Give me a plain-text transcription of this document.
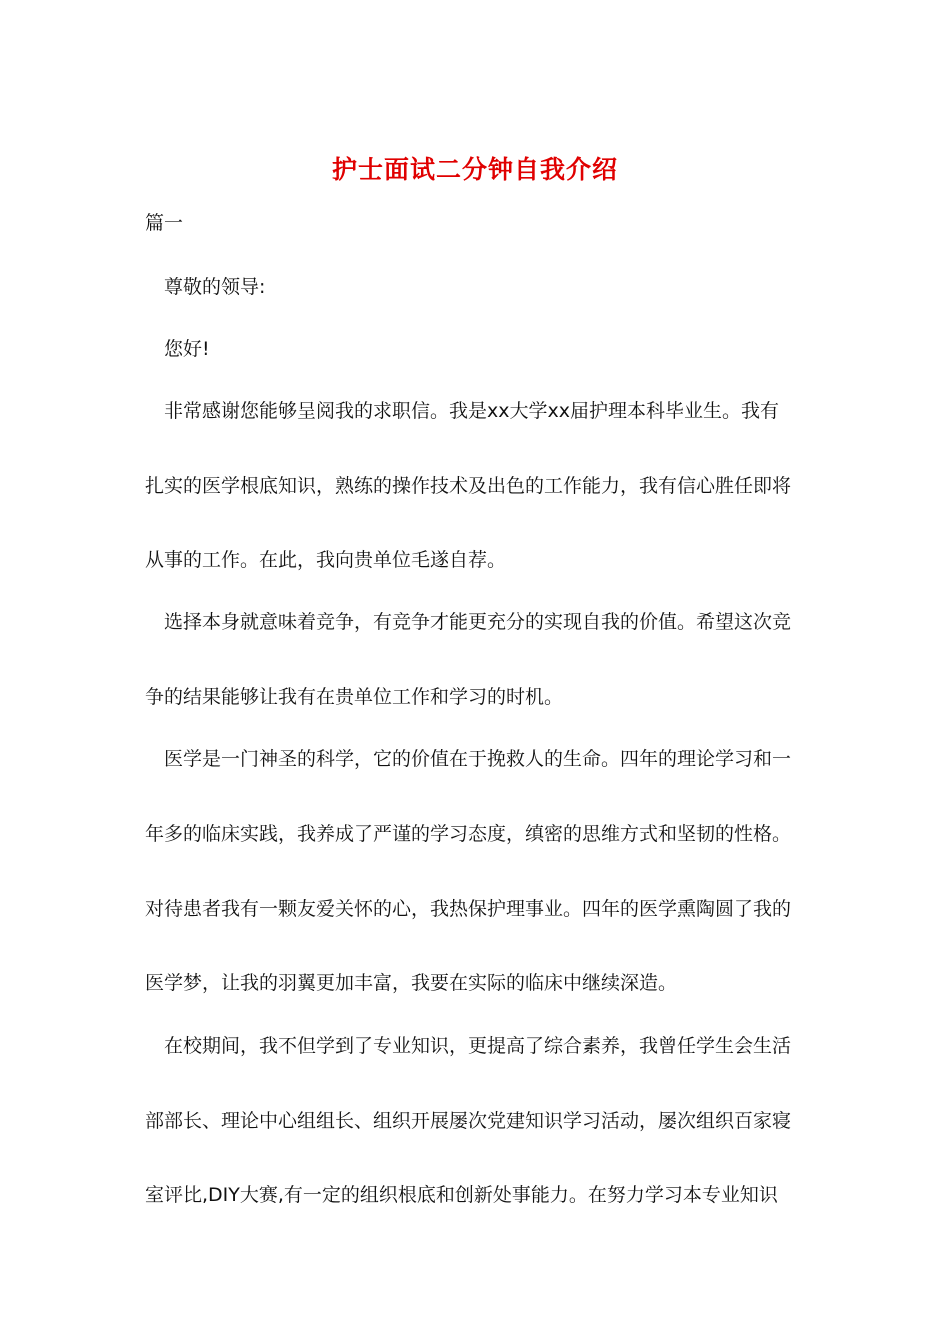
护士面试二分钟自我介绍
篇一
尊敬的领导:
您好!
非常感谢您能够呈阅我的求职信。我是xx大学xx届护理本科毕业生。我有
扎实的医学根底知识，熟练的操作技术及出色的工作能力，我有信心胜任即将
从事的工作。在此，我向贵单位毛遂自荐。
选择本身就意味着竞争，有竞争才能更充分的实现自我的价值。希望这次竞
争的结果能够让我有在贵单位工作和学习的时机。
医学是一门神圣的科学，它的价值在于挽救人的生命。四年的理论学习和一
年多的临床实践，我养成了严谨的学习态度，缜密的思维方式和坚韧的性格。
对待患者我有一颗友爱关怀的心，我热保护理事业。四年的医学熏陶圆了我的
医学梦，让我的羽翼更加丰富，我要在实际的临床中继续深造。
在校期间，我不但学到了专业知识，更提高了综合素养，我曾任学生会生活
部部长、理论中心组组长、组织开展屡次党建知识学习活动，屡次组织百家寝
室评比,DIY大赛,有一定的组织根底和创新处事能力。在努力学习本专业知识
